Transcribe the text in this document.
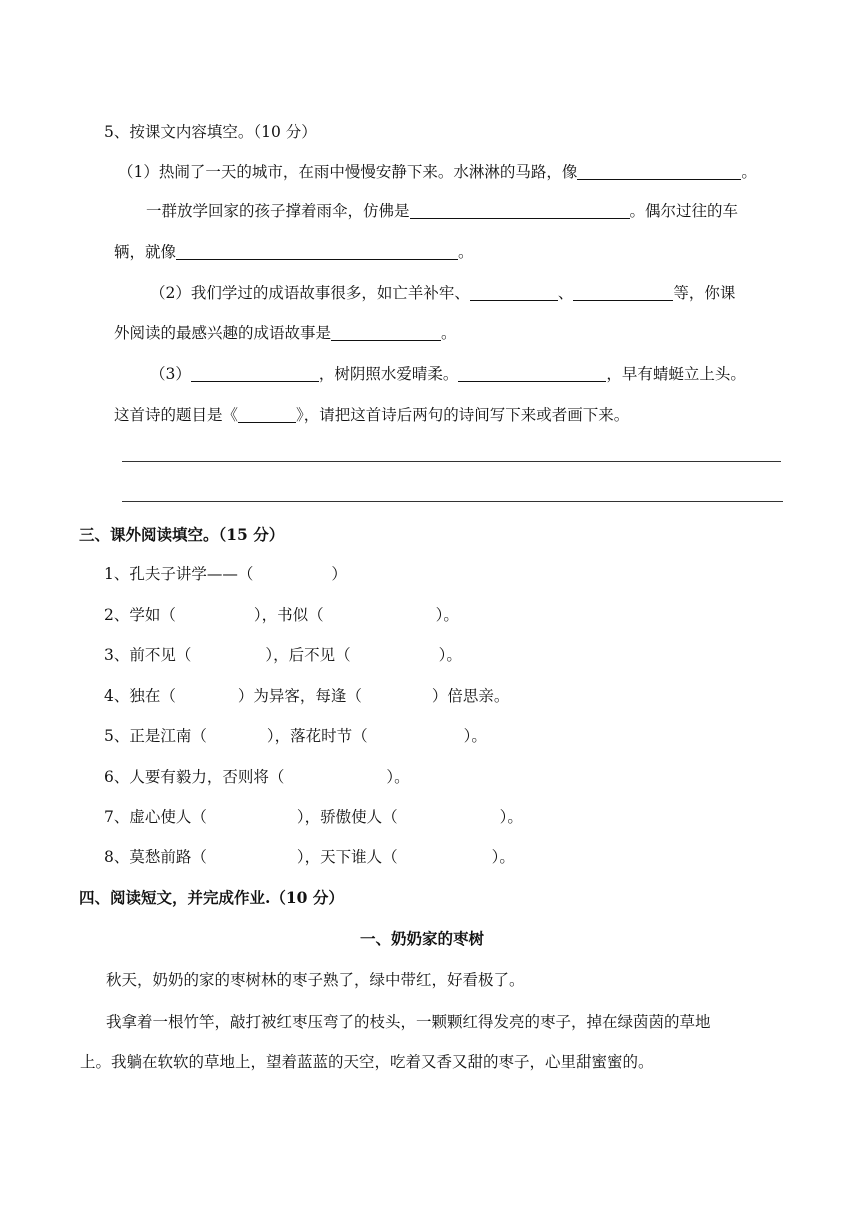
5、按课文内容填空。（10 分）
（1）热闹了一天的城市，在雨中慢慢安静下来。水淋淋的马路，像	。
一群放学回家的孩子撑着雨伞，仿佛是	。偶尔过往的车
辆，就像	。
（2）我们学过的成语故事很多，如亡羊补牢、	、	等，你课
外阅读的最感兴趣的成语故事是	。
（3）	，树阴照水爱晴柔。	，早有蜻蜓立上头。
这首诗的题目是《	》，请把这首诗后两句的诗间写下来或者画下来。
三、课外阅读填空。（15 分）
1、孔夫子讲学——（	）
2、学如（	），书似（	）。
3、前不见（	），后不见（	）。
4、独在（	）为异客，每逢（	）倍思亲。
5、正是江南（	），落花时节（	）。
6、人要有毅力，否则将（	）。
7、虚心使人（	），骄傲使人（	）。
8、莫愁前路（	），天下谁人（	）。
四、阅读短文，并完成作业.（10 分）
一、奶奶家的枣树
秋天，奶奶的家的枣树林的枣子熟了，绿中带红，好看极了。
我拿着一根竹竿，敲打被红枣压弯了的枝头，一颗颗红得发亮的枣子，掉在绿茵茵的草地
上。我躺在软软的草地上，望着蓝蓝的天空，吃着又香又甜的枣子，心里甜蜜蜜的。
